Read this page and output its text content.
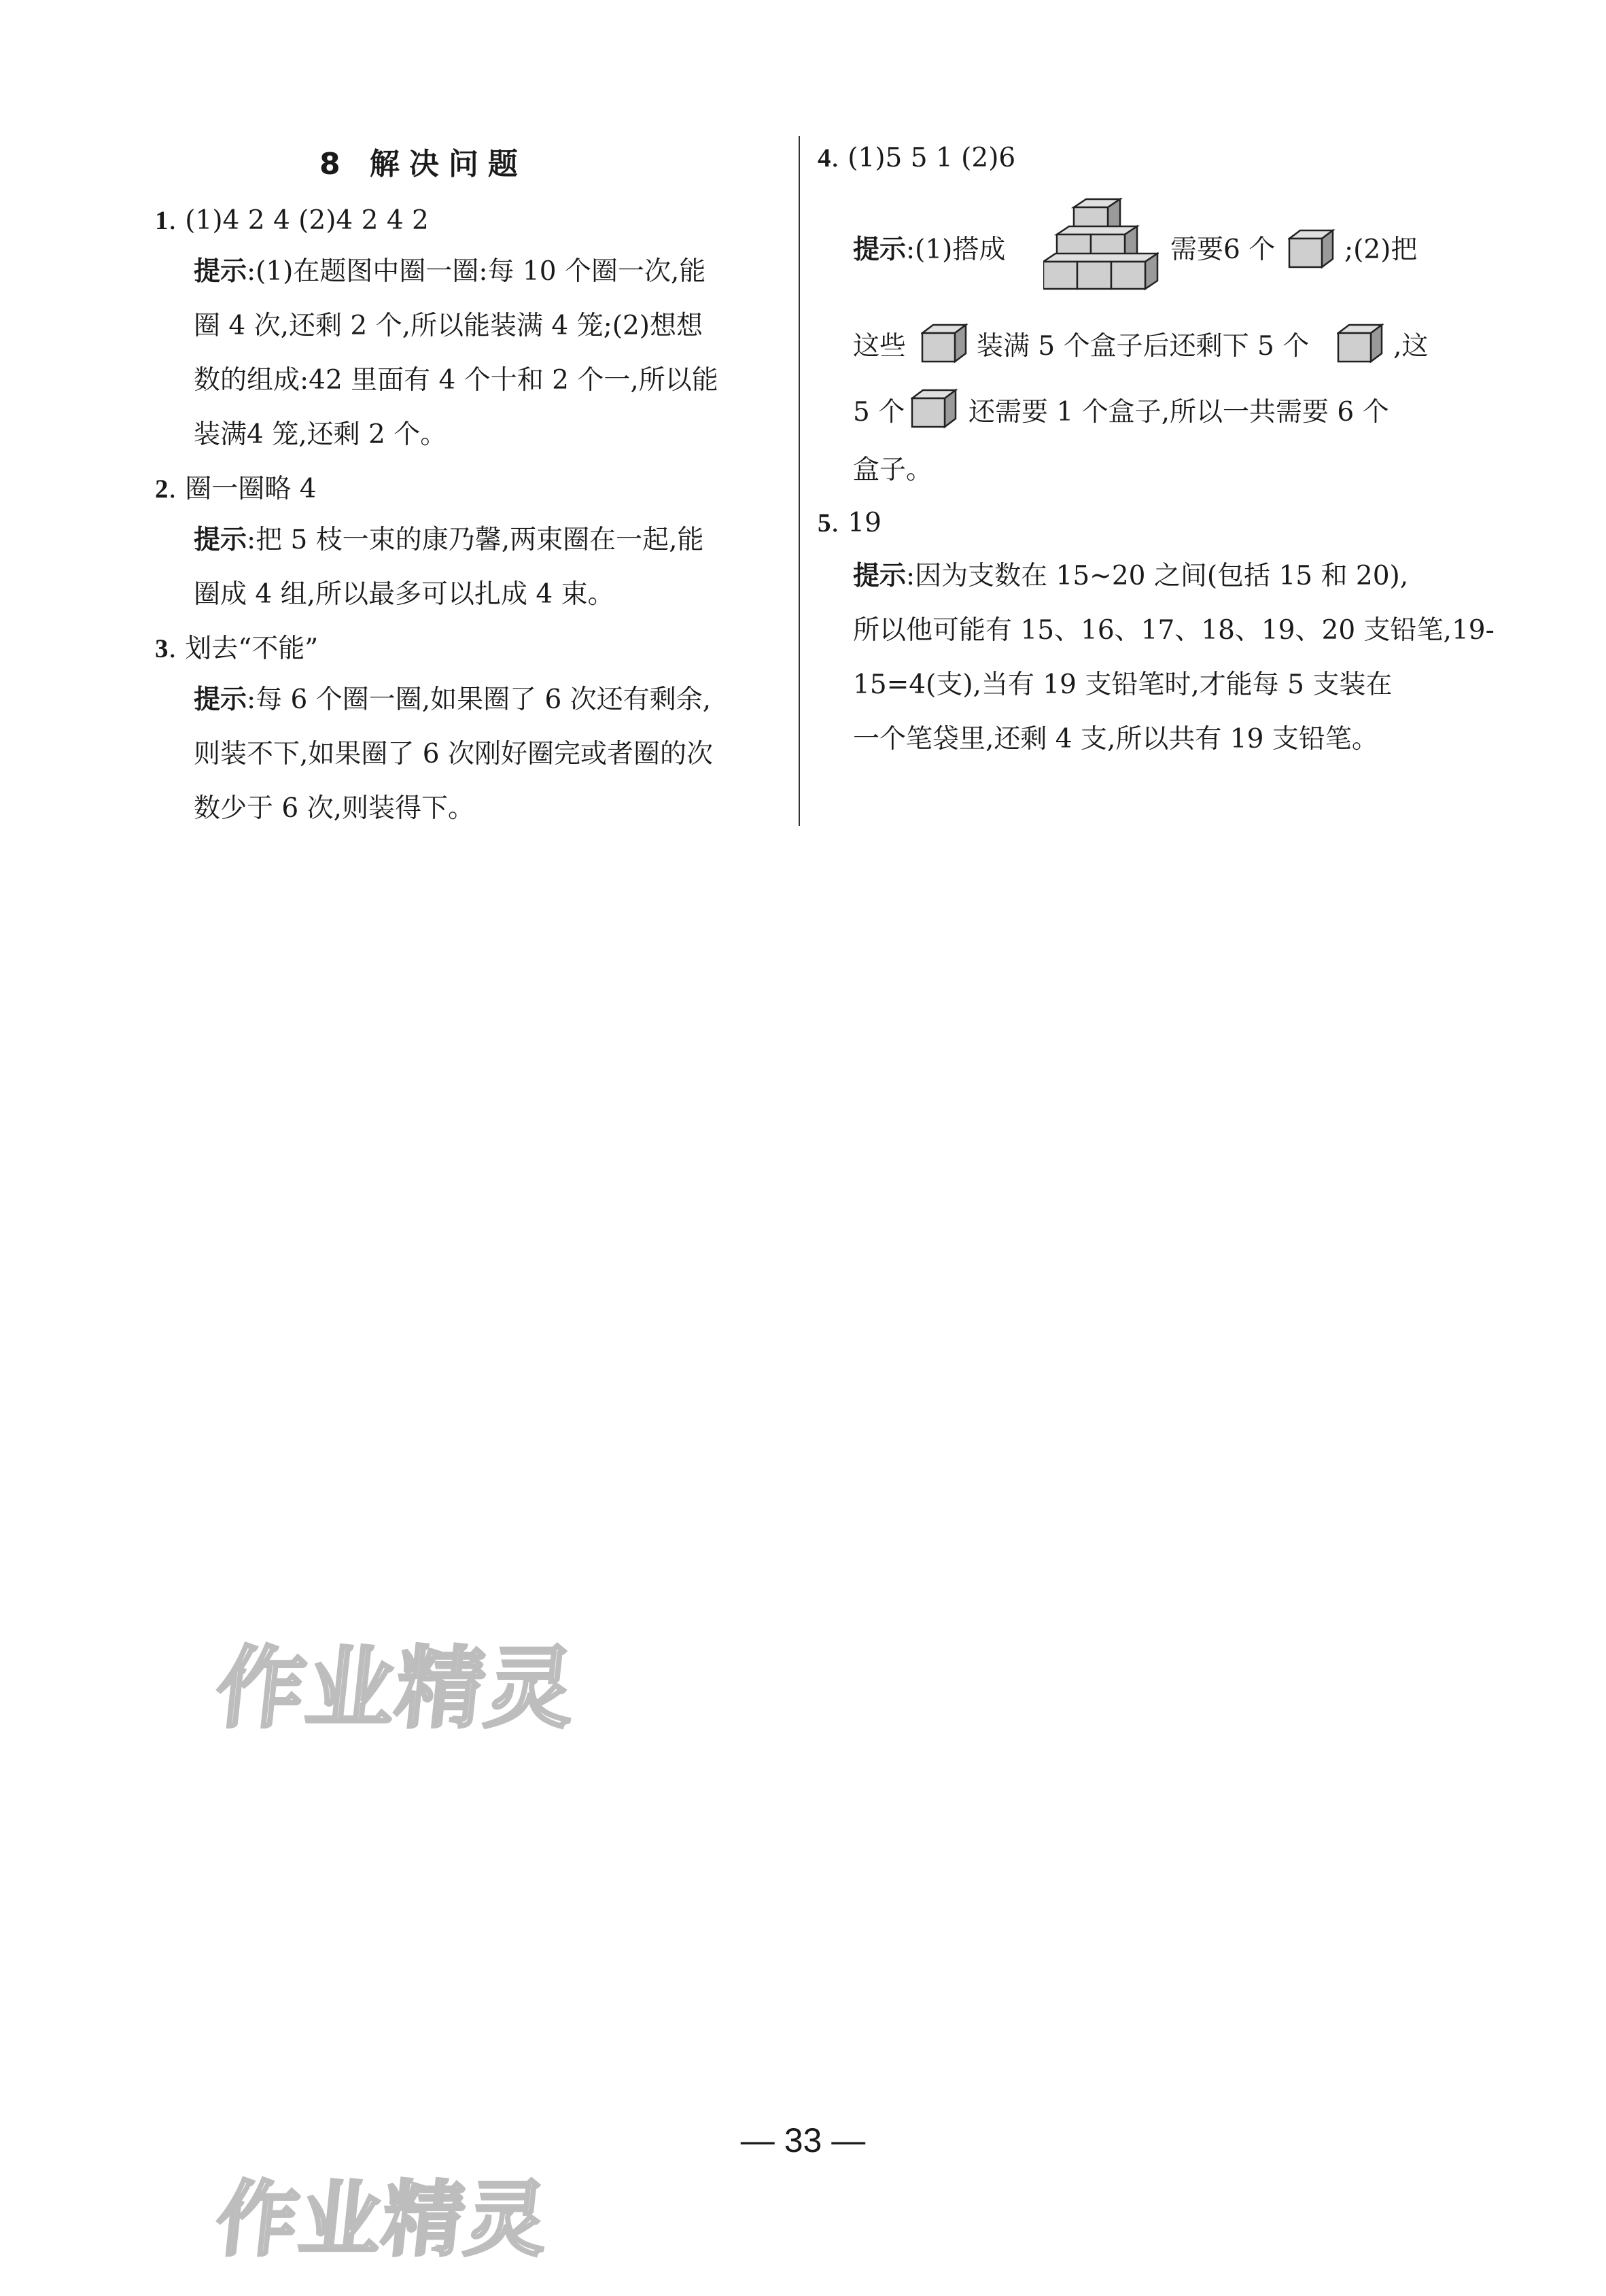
8 解决问题
1. (1)4 2 4 (2)4 2 4 2
提示:(1)在题图中圈一圈:每 10 个圈一次,能
圈 4 次,还剩 2 个,所以能装满 4 笼;(2)想想
数的组成:42 里面有 4 个十和 2 个一,所以能
装满4 笼,还剩 2 个。
2. 圈一圈略 4
提示:把 5 枝一束的康乃馨,两束圈在一起,能
圈成 4 组,所以最多可以扎成 4 束。
3. 划去“不能”
提示:每 6 个圈一圈,如果圈了 6 次还有剩余,
则装不下,如果圈了 6 次刚好圈完或者圈的次
数少于 6 次,则装得下。
4. (1)5 5 1 (2)6
提示:(1)搭成	需要6 个	;(2)把
这些	装满 5 个盒子后还剩下 5 个	,这
5 个 还需要 1 个盒子,所以一共需要 6 个
盒子。
5. 19
提示:因为支数在 15~20 之间(包括 15 和 20),
所以他可能有 15、16、17、18、19、20 支铅笔,19-
15=4(支),当有 19 支铅笔时,才能每 5 支装在
一个笔袋里,还剩 4 支,所以共有 19 支铅笔。
作业精灵
作业精灵
— 33 —
